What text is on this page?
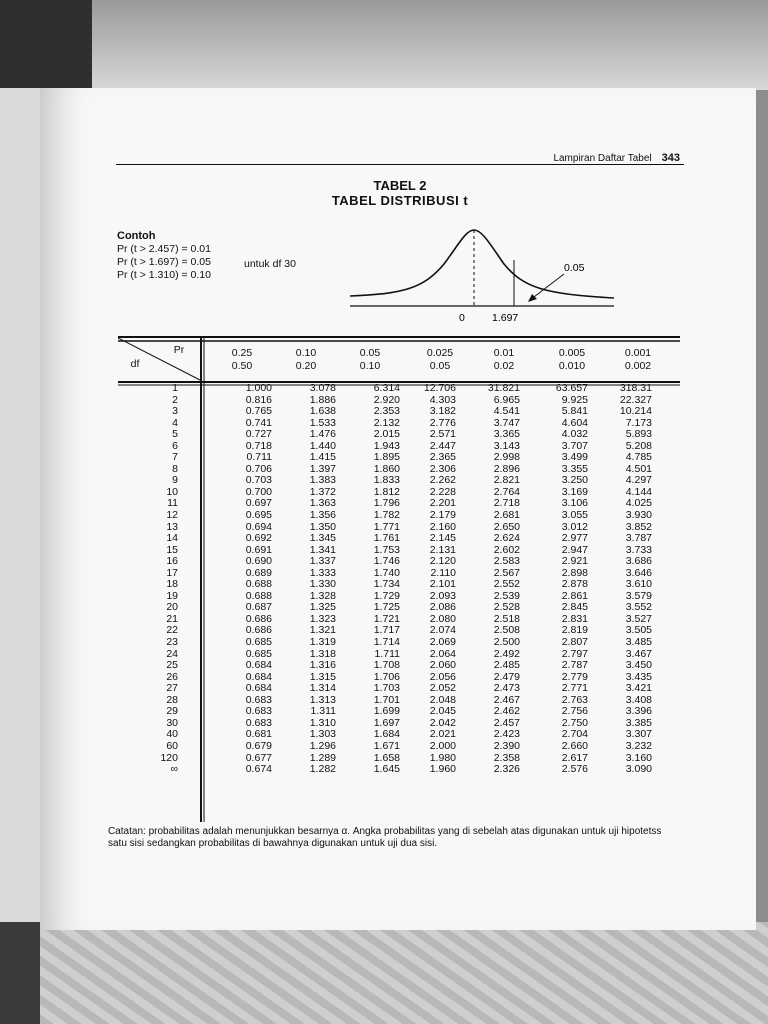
Lampiran Daftar Tabel 343
TABEL 2
TABEL DISTRIBUSI t
Contoh
Pr (t > 2.457) = 0.01
Pr (t > 1.697) = 0.05
Pr (t > 1.310) = 0.10
untuk df 30	0.05
0	1.697
Pr
df
0.25
0.50
0.10
0.20
0.05
0.10
0.025
0.05
0.01
0.02
0.005
0.010
0.001
0.002
1
2
3
4
5
6
7
8
9
10
11
12
13
14
15
16
17
18
19
20
21
22
23
24
25
26
27
28
29
30
40
60
120
∞
1.000
0.816
0.765
0.741
0.727
0.718
0.711
0.706
0.703
0.700
0.697
0.695
0.694
0.692
0.691
0.690
0.689
0.688
0.688
0.687
0.686
0.686
0.685
0.685
0.684
0.684
0.684
0.683
0.683
0.683
0.681
0.679
0.677
0.674
3.078
1.886
1.638
1.533
1.476
1.440
1.415
1.397
1.383
1.372
1.363
1.356
1.350
1.345
1.341
1.337
1.333
1.330
1.328
1.325
1.323
1.321
1.319
1.318
1.316
1.315
1.314
1.313
1.311
1.310
1.303
1.296
1.289
1.282
6.314
2.920
2.353
2.132
2.015
1.943
1.895
1.860
1.833
1.812
1.796
1.782
1.771
1.761
1.753
1.746
1.740
1.734
1.729
1.725
1.721
1.717
1.714
1.711
1.708
1.706
1.703
1.701
1.699
1.697
1.684
1.671
1.658
1.645
12.706
4.303
3.182
2.776
2.571
2.447
2.365
2.306
2.262
2.228
2.201
2.179
2.160
2.145
2.131
2.120
2.110
2.101
2.093
2.086
2.080
2.074
2.069
2.064
2.060
2.056
2.052
2.048
2.045
2.042
2.021
2.000
1.980
1.960
31.821
6.965
4.541
3.747
3.365
3.143
2.998
2.896
2.821
2.764
2.718
2.681
2.650
2.624
2.602
2.583
2.567
2.552
2.539
2.528
2.518
2.508
2.500
2.492
2.485
2.479
2.473
2.467
2.462
2.457
2.423
2.390
2.358
2.326
63.657
9.925
5.841
4.604
4.032
3.707
3.499
3.355
3.250
3.169
3.106
3.055
3.012
2.977
2.947
2.921
2.898
2.878
2.861
2.845
2.831
2.819
2.807
2.797
2.787
2.779
2.771
2.763
2.756
2.750
2.704
2.660
2.617
2.576
318.31
22.327
10.214
7.173
5.893
5.208
4.785
4.501
4.297
4.144
4.025
3.930
3.852
3.787
3.733
3.686
3.646
3.610
3.579
3.552
3.527
3.505
3.485
3.467
3.450
3.435
3.421
3.408
3.396
3.385
3.307
3.232
3.160
3.090
Catatan: probabilitas adalah menunjukkan besarnya α. Angka probabilitas yang di sebelah atas digunakan untuk uji hipotetss satu sisi sedangkan probabilitas di bawahnya digunakan untuk uji dua sisi.
